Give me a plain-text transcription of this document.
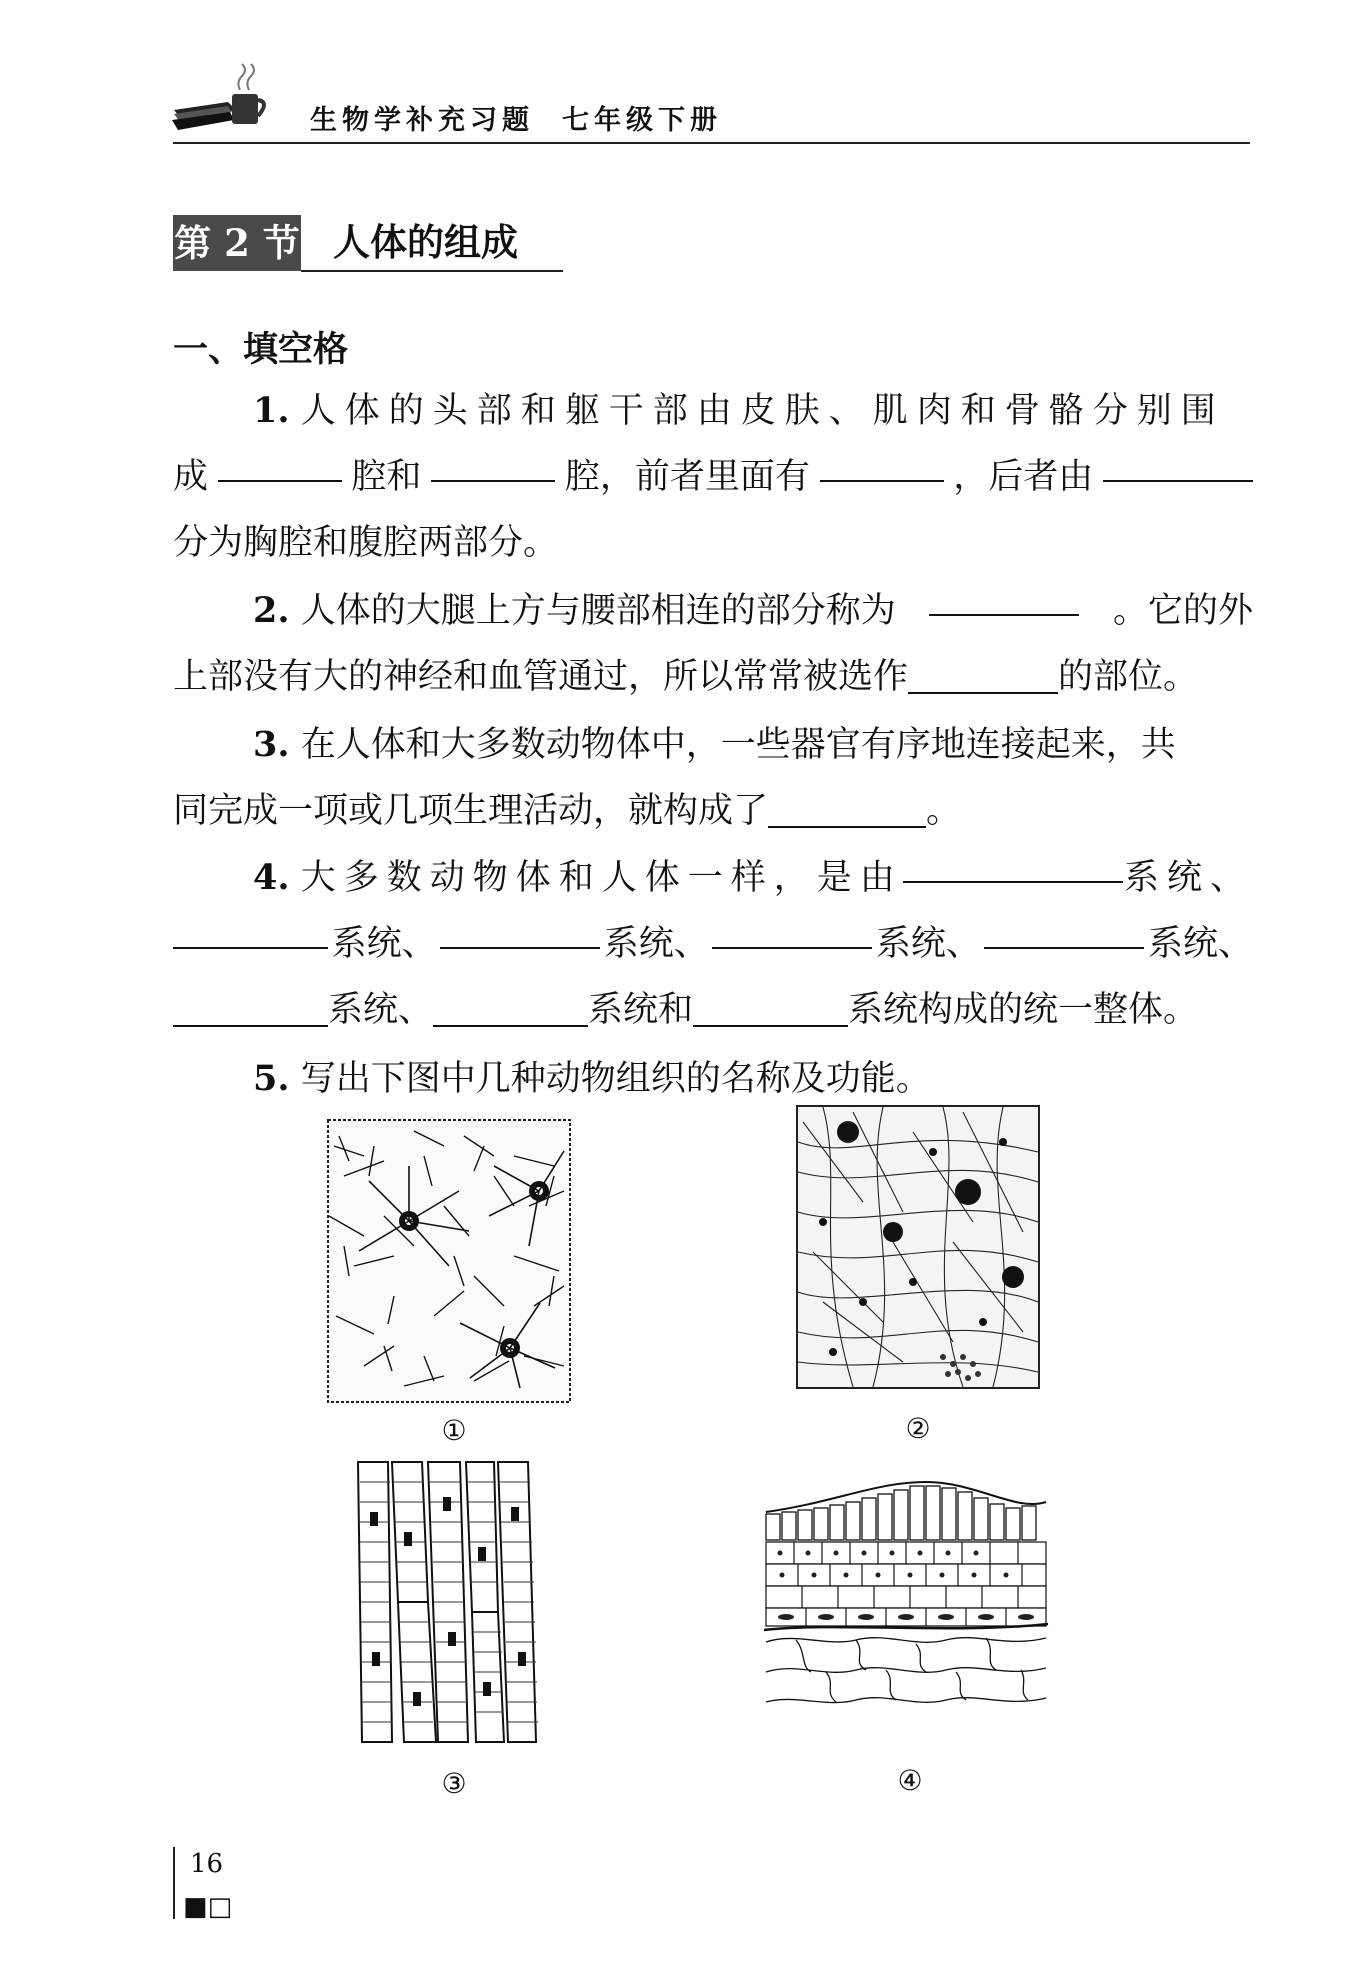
生物学补充习题 七年级下册
第 2 节 人体的组成
一、填空格
1. 人体的头部和躯干部由皮肤、肌肉和骨骼分别围
成	腔和	腔，前者里面有	，后者由
分为胸腔和腹腔两部分。
2. 人体的大腿上方与腰部相连的部分称为	。它的外
上部没有大的神经和血管通过，所以常常被选作	的部位。
3. 在人体和大多数动物体中，一些器官有序地连接起来，共
同完成一项或几项生理活动，就构成了	。
4. 大多数动物体和人体一样，是由	系统、
系统、	系统、	系统、	系统、
系统、	系统和	系统构成的统一整体。
5. 写出下图中几种动物组织的名称及功能。
①	②
③	④
16
■□
